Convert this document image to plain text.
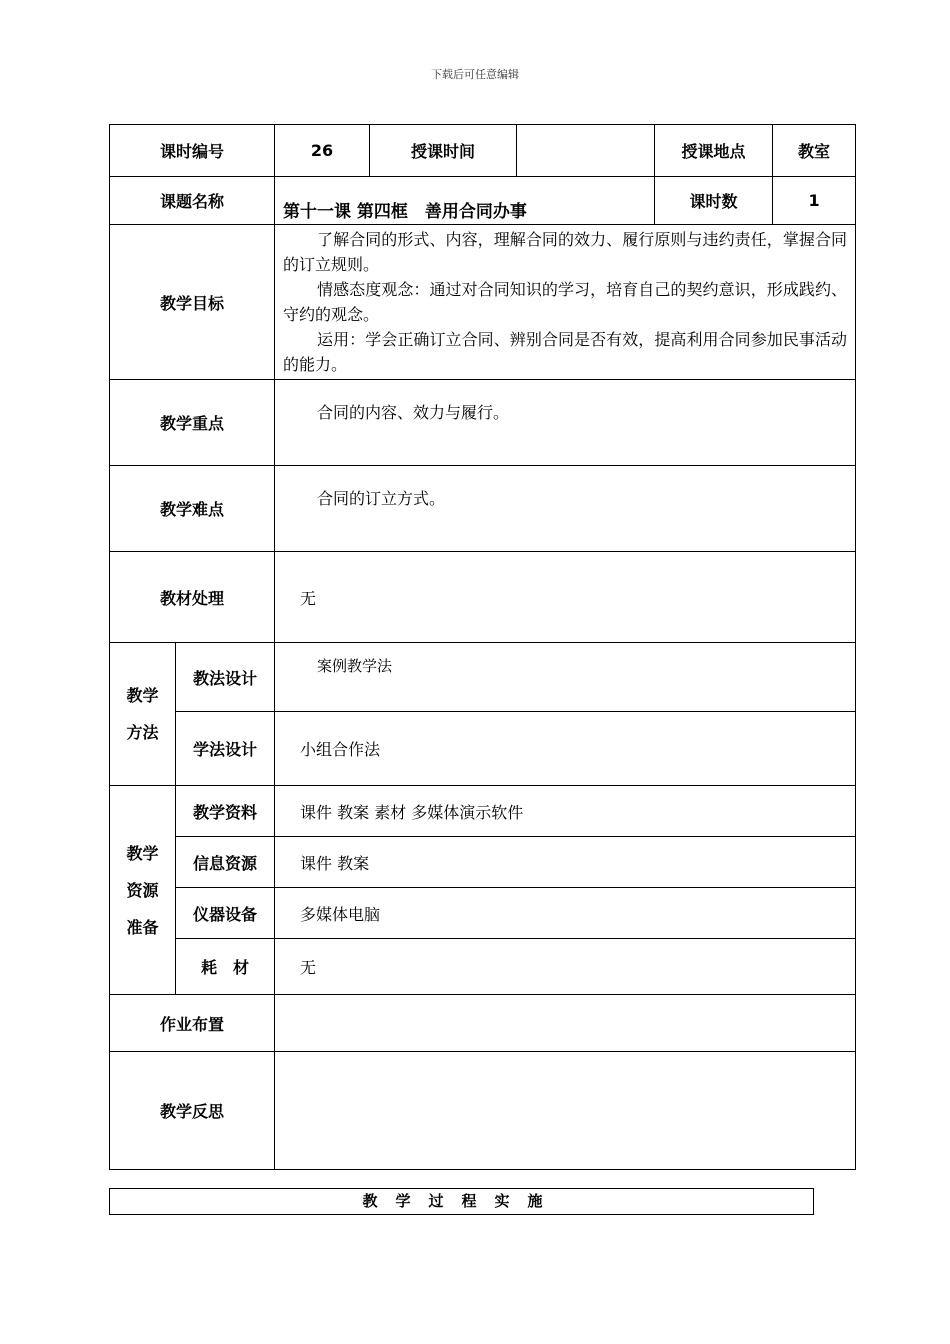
下载后可任意编辑
课时编号		26	授课时间		授课地点	教室
课题名称		第十一课 第四框　善用合同办事			课时数	1
教学目标		了解合同的形式、内容，理解合同的效力、履行原则与违约责任，掌握合同的订立规则。

情感态度观念：通过对合同知识的学习，培育自己的契约意识，形成践约、守约的观念。

运用：学会正确订立合同、辨别合同是否有效，提高利用合同参加民事活动的能力。				

教学重点		合同的内容、效力与履行。				
教学难点		合同的订立方式。				
教材处理		无				

教学
方法	教法设计	案例教学法				
	学法设计	小组合作法				

教学
资源
准备	教学资料	课件 教案 素材 多媒体演示软件				
	信息资源	课件 教案				
	仪器设备	多媒体电脑				
	耗　材	无				
作业布置						
教学反思						
教学过程实施
